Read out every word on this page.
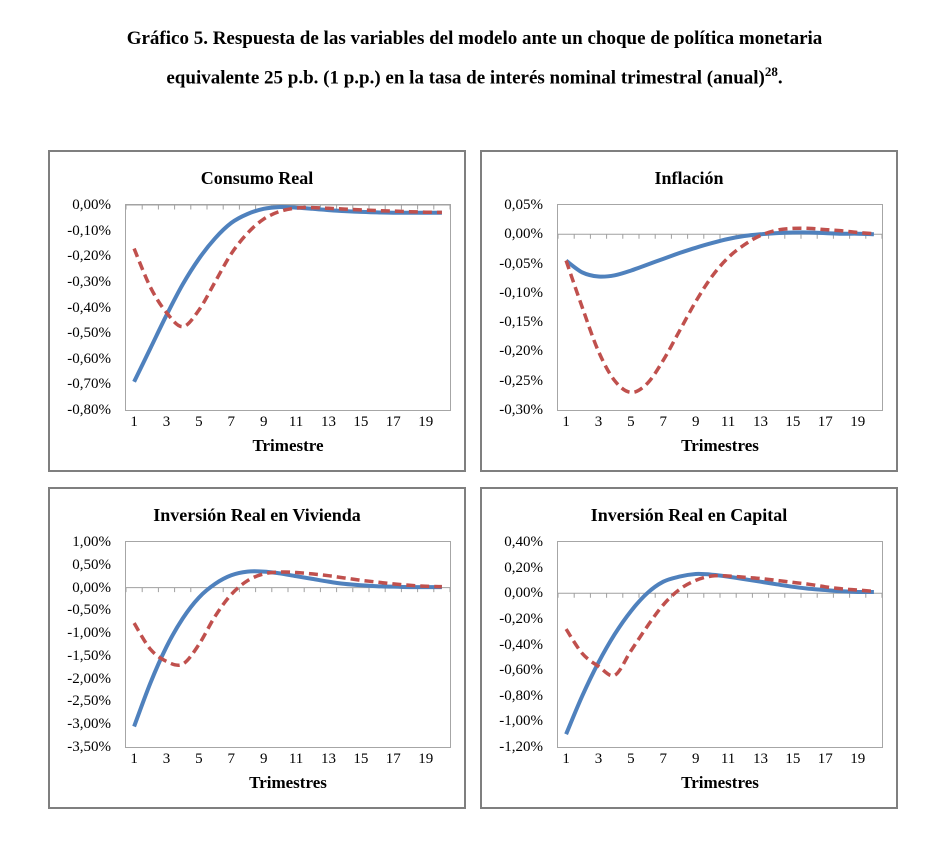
Gráfico 5. Respuesta de las variables del modelo ante un choque de política monetaria
equivalente 25 p.b. (1 p.p.) en la tasa de interés nominal trimestral (anual)$^{28}$.
Consumo Real
0,00%
-0,10%
-0,20%
-0,30%
-0,40%
-0,50%
-0,60%
-0,70%
-0,80%
1	3	5	7	9	11	13	15	17	19
Trimestre
Inflación
0,05%
0,00%
-0,05%
-0,10%
-0,15%
-0,20%
-0,25%
-0,30%
1	3	5	7	9	11	13	15	17	19
Trimestres
Inversión Real en Vivienda
1,00%
0,50%
0,00%
-0,50%
-1,00%
-1,50%
-2,00%
-2,50%
-3,00%
-3,50%
1	3	5	7	9	11	13	15	17	19
Trimestres
Inversión Real en Capital
0,40%
0,20%
0,00%
-0,20%
-0,40%
-0,60%
-0,80%
-1,00%
-1,20%
1	3	5	7	9	11	13	15	17	19
Trimestres
